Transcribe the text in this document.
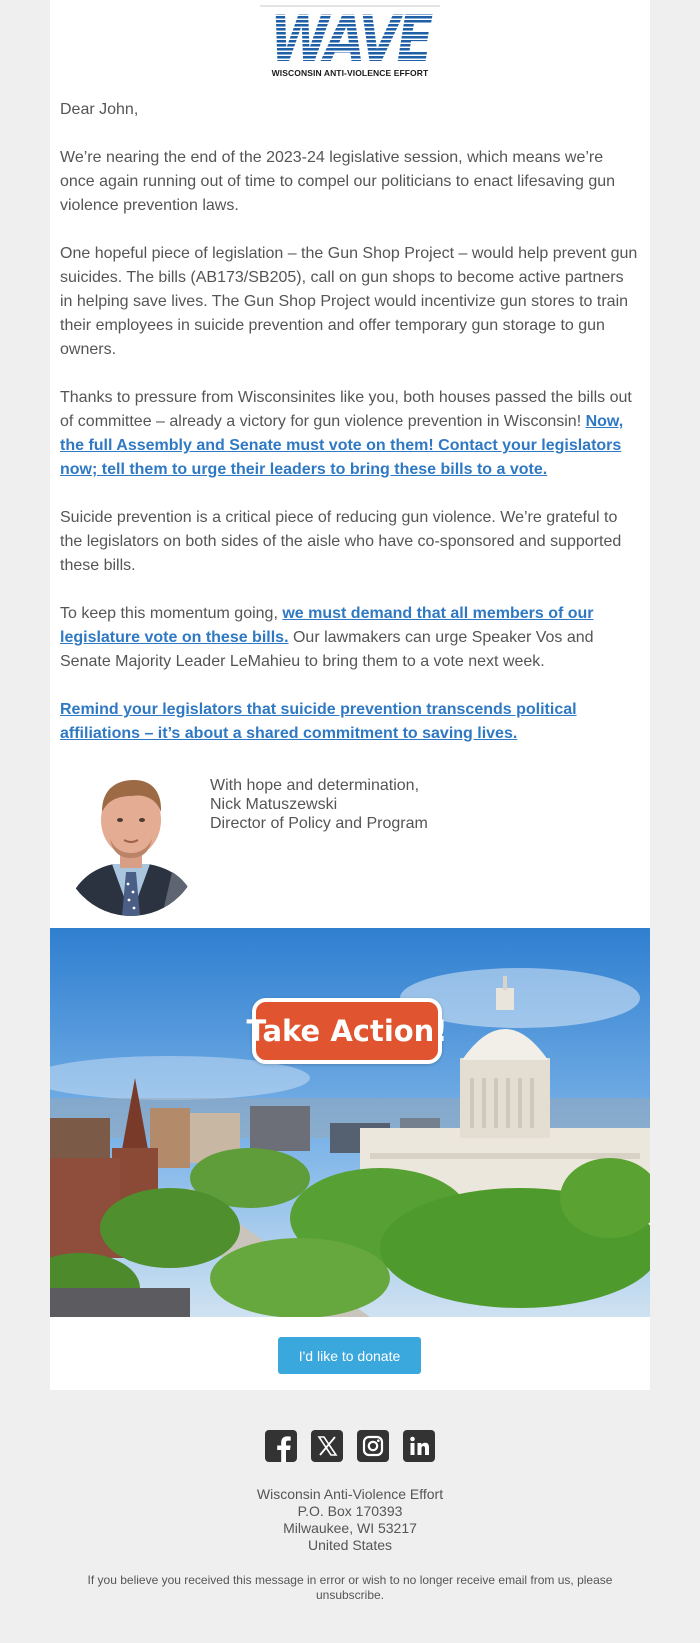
WAVE
WISCONSIN ANTI-VIOLENCE EFFORT

Dear John,

We’re nearing the end of the 2023-24 legislative session, which means we’re once again running out of time to compel our politicians to enact lifesaving gun violence prevention laws.

One hopeful piece of legislation – the Gun Shop Project – would help prevent gun suicides. The bills (AB173/SB205), call on gun shops to become active partners in helping save lives. The Gun Shop Project would incentivize gun stores to train their employees in suicide prevention and offer temporary gun storage to gun owners.

Thanks to pressure from Wisconsinites like you, both houses passed the bills out of committee – already a victory for gun violence prevention in Wisconsin! Now, the full Assembly and Senate must vote on them! Contact your legislators now; tell them to urge their leaders to bring these bills to a vote.

Suicide prevention is a critical piece of reducing gun violence. We’re grateful to the legislators on both sides of the aisle who have co-sponsored and supported these bills.

To keep this momentum going, we must demand that all members of our legislature vote on these bills. Our lawmakers can urge Speaker Vos and Senate Majority Leader LeMahieu to bring them to a vote next week.

Remind your legislators that suicide prevention transcends political affiliations – it’s about a shared commitment to saving lives.

With hope and determination,
Nick Matuszewski
Director of Policy and Program
Take Action!
I'd like to donate
Wisconsin Anti-Violence Effort
P.O. Box 170393
Milwaukee, WI 53217
United States
If you believe you received this message in error or wish to no longer receive email from us, please unsubscribe.
